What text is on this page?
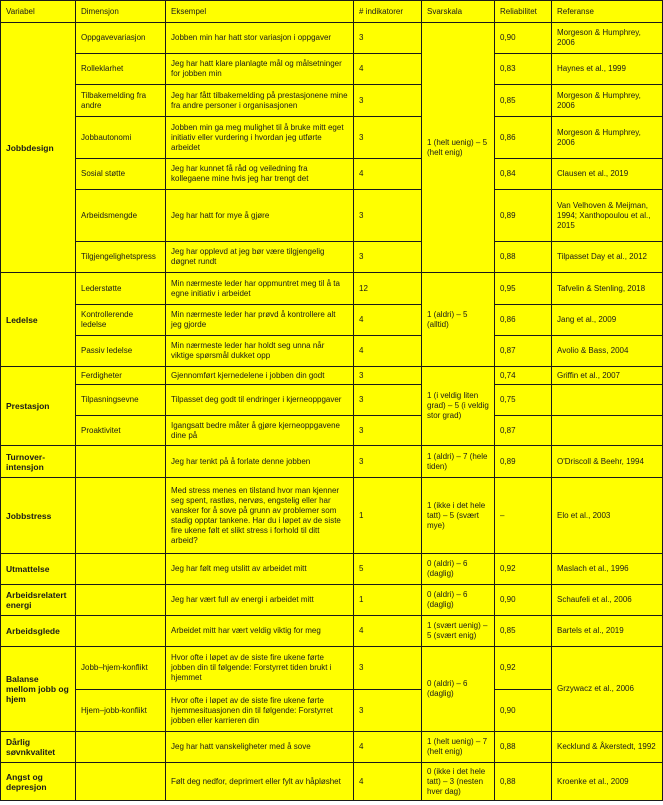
Variabel	Dimensjon	Eksempel	# indikatorer	Svarskala	Reliabilitet	Referanse
Jobbdesign	Oppgavevariasjon	Jobben min har hatt stor variasjon i oppgaver	3	1 (helt uenig) – 5 (helt enig)	0,90	Morgeson & Humphrey, 2006
	Rolleklarhet	Jeg har hatt klare planlagte mål og målsetninger for jobben min	4		0,83	Haynes et al., 1999
	Tilbakemelding fra andre	Jeg har fått tilbakemelding på prestasjonene mine fra andre personer i organisasjonen	3		0,85	Morgeson & Humphrey, 2006
	Jobbautonomi	Jobben min ga meg mulighet til å bruke mitt eget initiativ eller vurdering i hvordan jeg utførte arbeidet	3		0,86	Morgeson & Humphrey, 2006
	Sosial støtte	Jeg har kunnet få råd og veiledning fra kollegaene mine hvis jeg har trengt det	4		0,84	Clausen et al., 2019
	Arbeidsmengde	Jeg har hatt for mye å gjøre	3		0,89	Van Velhoven & Meijman, 1994; Xanthopoulou et al., 2015
	Tilgjengelighetspress	Jeg har opplevd at jeg bør være tilgjengelig døgnet rundt	3		0,88	Tilpasset Day et al., 2012
Ledelse	Lederstøtte	Min nærmeste leder har oppmuntret meg til å ta egne initiativ i arbeidet	12	1 (aldri) – 5 (alltid)	0,95	Tafvelin & Stenling, 2018
	Kontrollerende ledelse	Min nærmeste leder har prøvd å kontrollere alt jeg gjorde	4		0,86	Jang et al., 2009
	Passiv ledelse	Min nærmeste leder har holdt seg unna når viktige spørsmål dukket opp	4		0,87	Avolio & Bass, 2004
Prestasjon	Ferdigheter	Gjennomført kjernedelene i jobben din godt	3	1 (i veldig liten grad) – 5 (i veldig stor grad)	0,74	Griffin et al., 2007
	Tilpasningsevne	Tilpasset deg godt til endringer i kjerneoppgaver	3		0,75	
	Proaktivitet	Igangsatt bedre måter å gjøre kjerneoppgavene dine på	3		0,87	
Turnover-intensjon		Jeg har tenkt på å forlate denne jobben	3	1 (aldri) – 7 (hele tiden)	0,89	O'Driscoll & Beehr, 1994
Jobbstress		Med stress menes en tilstand hvor man kjenner seg spent, rastløs, nervøs, engstelig eller har vansker for å sove på grunn av problemer som stadig opptar tankene. Har du i løpet av de siste fire ukene følt et slikt stress i forhold til ditt arbeid?	1	1 (ikke i det hele tatt) – 5 (svært mye)	–	Elo et al., 2003
Utmattelse		Jeg har følt meg utslitt av arbeidet mitt	5	0 (aldri) – 6 (daglig)	0,92	Maslach et al., 1996
Arbeidsrelatert energi		Jeg har vært full av energi i arbeidet mitt	1	0 (aldri) – 6 (daglig)	0,90	Schaufeli et al., 2006
Arbeidsglede		Arbeidet mitt har vært veldig viktig for meg	4	1 (svært uenig) – 5 (svært enig)	0,85	Bartels et al., 2019
Balanse mellom jobb og hjem	Jobb–hjem-konflikt	Hvor ofte i løpet av de siste fire ukene førte jobben din til følgende: Forstyrret tiden brukt i hjemmet	3	0 (aldri) – 6 (daglig)	0,92	Grzywacz et al., 2006
	Hjem–jobb-konflikt	Hvor ofte i løpet av de siste fire ukene førte hjemmesituasjonen din til følgende: Forstyrret jobben eller karrieren din	3		0,90	
Dårlig søvnkvalitet		Jeg har hatt vanskeligheter med å sove	4	1 (helt uenig) – 7 (helt enig)	0,88	Kecklund & Åkerstedt, 1992
Angst og depresjon		Følt deg nedfor, deprimert eller fylt av håpløshet	4	0 (ikke i det hele tatt) – 3 (nesten hver dag)	0,88	Kroenke et al., 2009
